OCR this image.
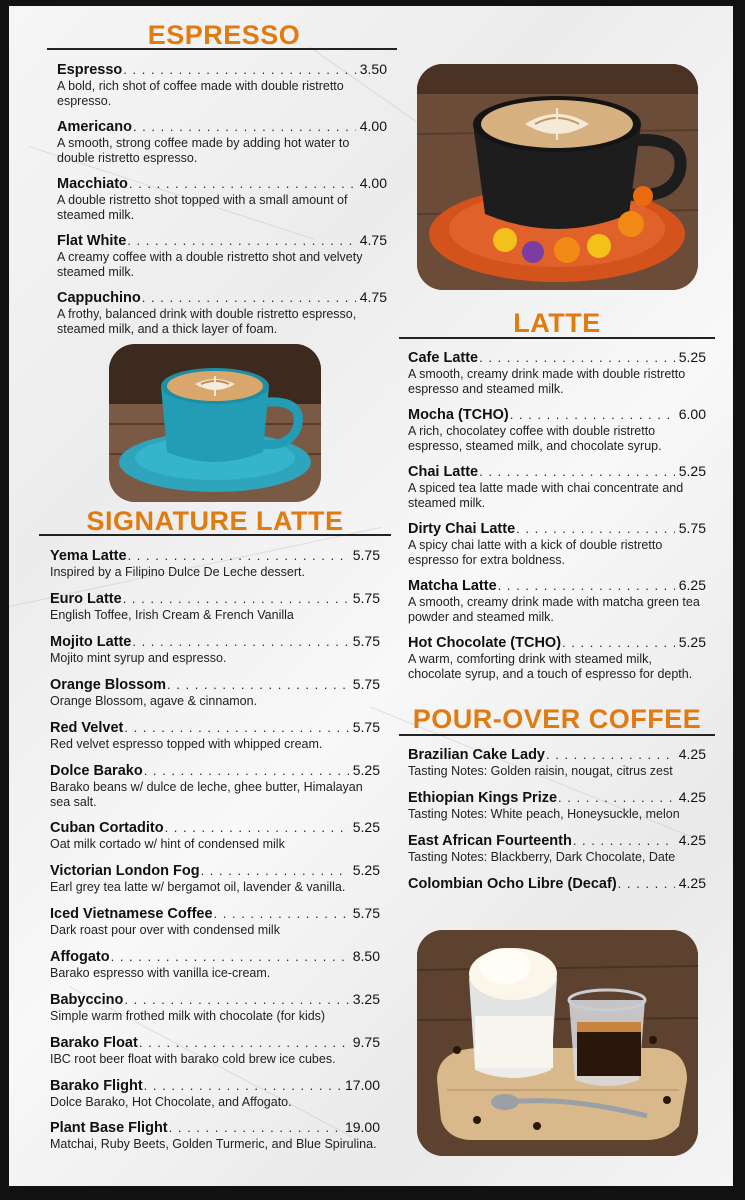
ESPRESSO
Espresso . . .	3.50
A bold, rich shot of coffee made with double ristretto espresso.
Americano . . .	4.00
A smooth, strong coffee made by adding hot water to double ristretto espresso.
Macchiato . . .	4.00
A double ristretto shot topped with a small amount of steamed milk.
Flat White . . .	4.75
A creamy coffee with a double ristretto shot and velvety steamed milk.
Cappuchino . . .	4.75
A frothy, balanced drink with double ristretto espresso, steamed milk, and a thick layer of foam.
SIGNATURE LATTE
Yema Latte . . .	5.75
Inspired by a Filipino Dulce De Leche dessert.
Euro Latte . . .	5.75
English Toffee, Irish Cream & French Vanilla
Mojito Latte . . .	5.75
Mojito mint syrup and espresso.
Orange Blossom . . .	5.75
Orange Blossom, agave & cinnamon.
Red Velvet . . .	5.75
Red velvet espresso topped with whipped cream.
Dolce Barako . . .	5.25
Barako beans w/ dulce de leche, ghee butter, Himalayan sea salt.
Cuban Cortadito . . .	5.25
Oat milk cortado w/ hint of condensed milk
Victorian London Fog . . .	5.25
Earl grey tea latte w/ bergamot oil, lavender & vanilla.
Iced Vietnamese Coffee . . .	5.75
Dark roast pour over with condensed milk
Affogato . . .	8.50
Barako espresso with vanilla ice-cream.
Babyccino . . .	3.25
Simple warm frothed milk with chocolate (for kids)
Barako Float . . .	9.75
IBC root beer float with barako cold brew ice cubes.
Barako Flight . . .	17.00
Dolce Barako, Hot Chocolate, and Affogato.
Plant Base Flight . . .	19.00
Matchai, Ruby Beets, Golden Turmeric, and Blue Spirulina.
LATTE
Cafe Latte . . .	5.25
A smooth, creamy drink made with double ristretto espresso and steamed milk.
Mocha (TCHO) . . .	6.00
A rich, chocolatey coffee with double ristretto espresso, steamed milk, and chocolate syrup.
Chai Latte . . .	5.25
A spiced tea latte made with chai concentrate and steamed milk.
Dirty Chai Latte . . .	5.75
A spicy chai latte with a kick of double ristretto espresso for extra boldness.
Matcha Latte . . .	6.25
A smooth, creamy drink made with matcha green tea powder and steamed milk.
Hot Chocolate (TCHO) . . .	5.25
A warm, comforting drink with steamed milk, chocolate syrup, and a touch of espresso for depth.
POUR-OVER COFFEE
Brazilian Cake Lady . . .	4.25
Tasting Notes: Golden raisin, nougat, citrus zest
Ethiopian Kings Prize . . .	4.25
Tasting Notes: White peach, Honeysuckle, melon
East African Fourteenth . . .	4.25
Tasting Notes: Blackberry, Dark Chocolate, Date
Colombian Ocho Libre (Decaf) . . .	4.25
